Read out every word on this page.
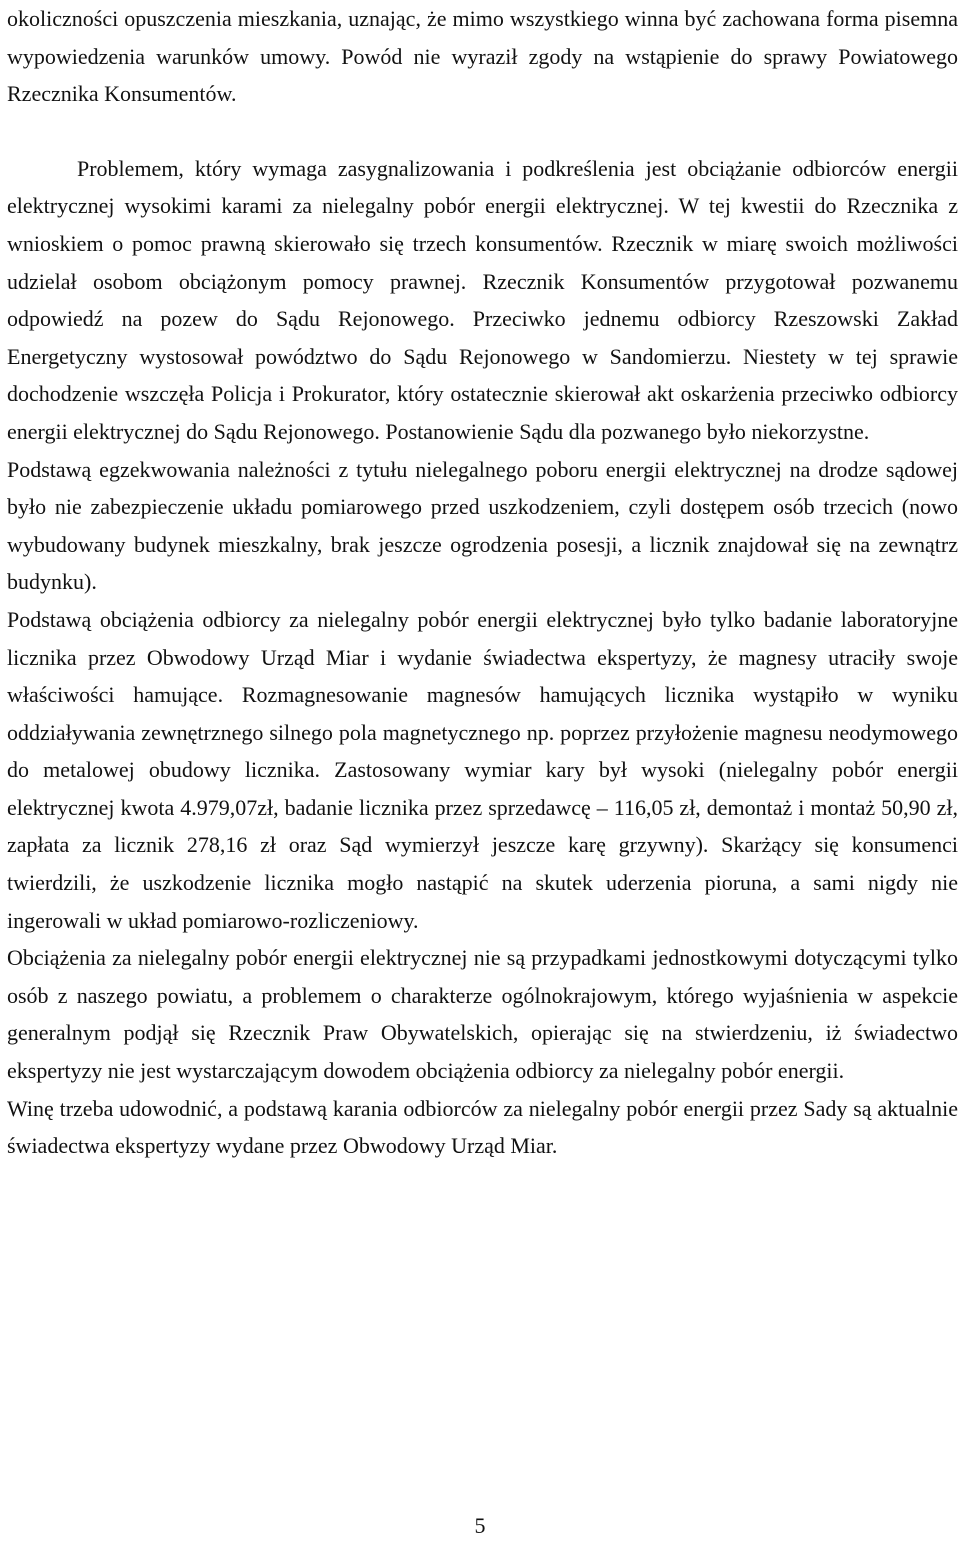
okoliczności opuszczenia mieszkania, uznając, że mimo wszystkiego winna być zachowana forma pisemna wypowiedzenia warunków umowy. Powód nie wyraził zgody na wstąpienie do sprawy Powiatowego Rzecznika Konsumentów.

Problemem, który wymaga zasygnalizowania i podkreślenia jest obciążanie odbiorców energii elektrycznej wysokimi karami za nielegalny pobór energii elektrycznej. W tej kwestii do Rzecznika z wnioskiem o pomoc prawną skierowało się trzech konsumentów. Rzecznik w miarę swoich możliwości udzielał osobom obciążonym pomocy prawnej. Rzecznik Konsumentów przygotował pozwanemu odpowiedź na pozew do Sądu Rejonowego. Przeciwko jednemu odbiorcy Rzeszowski Zakład Energetyczny wystosował powództwo do Sądu Rejonowego w Sandomierzu. Niestety w tej sprawie dochodzenie wszczęła Policja i Prokurator, który ostatecznie skierował akt oskarżenia przeciwko odbiorcy energii elektrycznej do Sądu Rejonowego. Postanowienie Sądu dla pozwanego było niekorzystne.

Podstawą egzekwowania należności z tytułu nielegalnego poboru energii elektrycznej na drodze sądowej było nie zabezpieczenie układu pomiarowego przed uszkodzeniem, czyli dostępem osób trzecich (nowo wybudowany budynek mieszkalny, brak jeszcze ogrodzenia posesji, a licznik znajdował się na zewnątrz budynku).

Podstawą obciążenia odbiorcy za nielegalny pobór energii elektrycznej było tylko badanie laboratoryjne licznika przez Obwodowy Urząd Miar i wydanie świadectwa ekspertyzy, że magnesy utraciły swoje właściwości hamujące. Rozmagnesowanie magnesów hamujących licznika wystąpiło w wyniku oddziaływania zewnętrznego silnego pola magnetycznego np. poprzez przyłożenie magnesu neodymowego do metalowej obudowy licznika. Zastosowany wymiar kary był wysoki (nielegalny pobór energii elektrycznej kwota 4.979,07zł, badanie licznika przez sprzedawcę – 116,05 zł, demontaż i montaż 50,90 zł, zapłata za licznik 278,16 zł oraz Sąd wymierzył jeszcze karę grzywny). Skarżący się konsumenci twierdzili, że uszkodzenie licznika mogło nastąpić na skutek uderzenia pioruna, a sami nigdy nie ingerowali w układ pomiarowo-rozliczeniowy.

Obciążenia za nielegalny pobór energii elektrycznej nie są przypadkami jednostkowymi dotyczącymi tylko osób z naszego powiatu, a problemem o charakterze ogólnokrajowym, którego wyjaśnienia w aspekcie generalnym podjął się Rzecznik Praw Obywatelskich, opierając się na stwierdzeniu, iż świadectwo ekspertyzy nie jest wystarczającym dowodem obciążenia odbiorcy za nielegalny pobór energii.

Winę trzeba udowodnić, a podstawą karania odbiorców za nielegalny pobór energii przez Sady są aktualnie świadectwa ekspertyzy wydane przez Obwodowy Urząd Miar.

5
